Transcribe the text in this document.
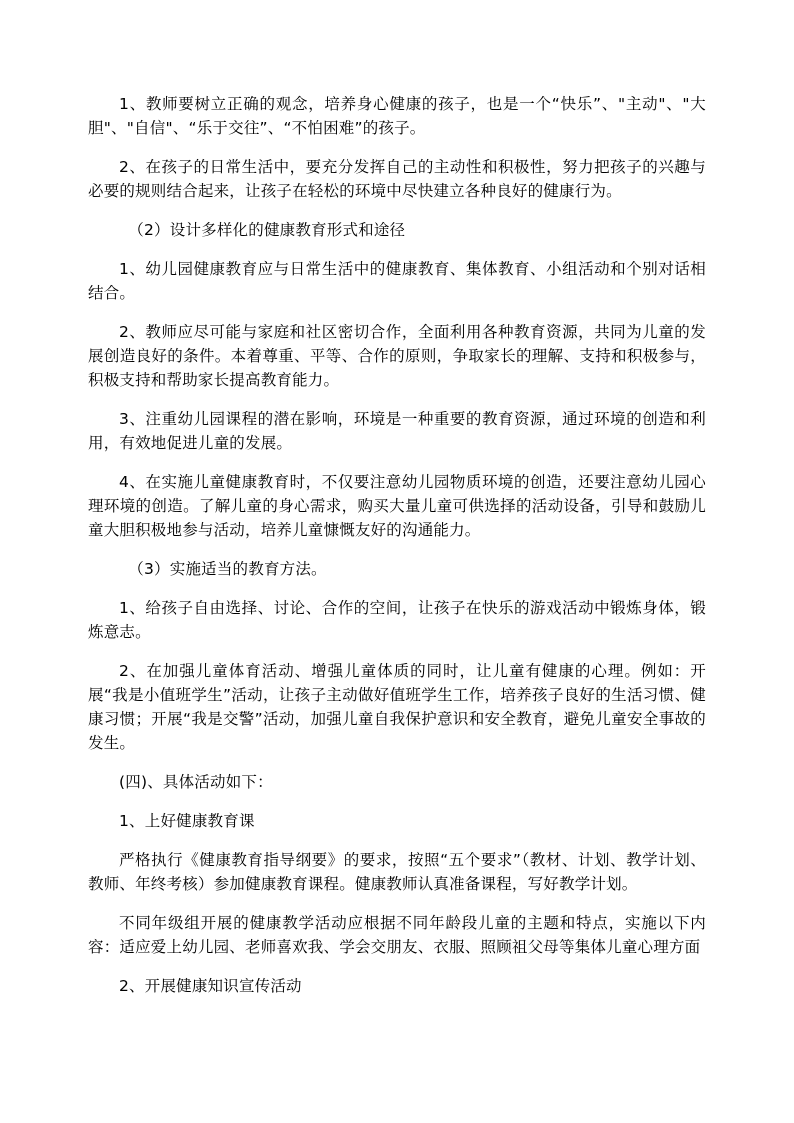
1、教师要树立正确的观念，培养身心健康的孩子，也是一个“快乐”、"主动"、"大胆"、"自信"、“乐于交往”、“不怕困难”的孩子。

2、在孩子的日常生活中，要充分发挥自己的主动性和积极性，努力把孩子的兴趣与必要的规则结合起来，让孩子在轻松的环境中尽快建立各种良好的健康行为。

（2）设计多样化的健康教育形式和途径

1、幼儿园健康教育应与日常生活中的健康教育、集体教育、小组活动和个别对话相结合。

2、教师应尽可能与家庭和社区密切合作，全面利用各种教育资源，共同为儿童的发展创造良好的条件。本着尊重、平等、合作的原则，争取家长的理解、支持和积极参与，积极支持和帮助家长提高教育能力。

3、注重幼儿园课程的潜在影响，环境是一种重要的教育资源，通过环境的创造和利用，有效地促进儿童的发展。

4、在实施儿童健康教育时，不仅要注意幼儿园物质环境的创造，还要注意幼儿园心理环境的创造。了解儿童的身心需求，购买大量儿童可供选择的活动设备，引导和鼓励儿童大胆积极地参与活动，培养儿童慷慨友好的沟通能力。

（3）实施适当的教育方法。

1、给孩子自由选择、讨论、合作的空间，让孩子在快乐的游戏活动中锻炼身体，锻炼意志。

2、在加强儿童体育活动、增强儿童体质的同时，让儿童有健康的心理。例如：开展“我是小值班学生”活动，让孩子主动做好值班学生工作，培养孩子良好的生活习惯、健康习惯；开展“我是交警”活动，加强儿童自我保护意识和安全教育，避免儿童安全事故的发生。

(四)、具体活动如下：

1、上好健康教育课

严格执行《健康教育指导纲要》的要求，按照“五个要求”（教材、计划、教学计划、教师、年终考核）参加健康教育课程。健康教师认真准备课程，写好教学计划。

不同年级组开展的健康教学活动应根据不同年龄段儿童的主题和特点，实施以下内容：适应爱上幼儿园、老师喜欢我、学会交朋友、衣服、照顾祖父母等集体儿童心理方面

2、开展健康知识宣传活动
